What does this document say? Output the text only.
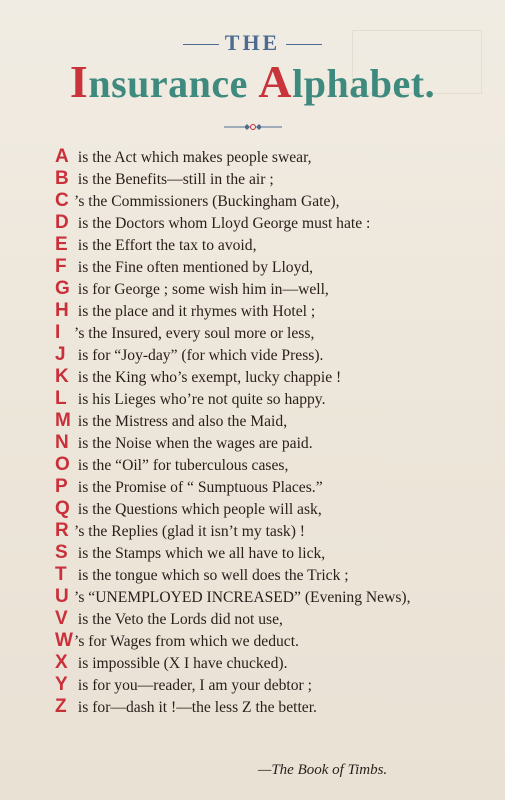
THE
Insurance Alphabet.
A is the Act which makes people swear,
B is the Benefits—still in the air ;
C ’s the Commissioners (Buckingham Gate),
D is the Doctors whom Lloyd George must hate :
E is the Effort the tax to avoid,
F is the Fine often mentioned by Lloyd,
G is for George ; some wish him in—well,
H is the place and it rhymes with Hotel ;
I ’s the Insured, every soul more or less,
J is for “Joy-day” (for which vide Press).
K is the King who’s exempt, lucky chappie !
L is his Lieges who’re not quite so happy.
M is the Mistress and also the Maid,
N is the Noise when the wages are paid.
O is the “Oil” for tuberculous cases,
P is the Promise of “ Sumptuous Places.”
Q is the Questions which people will ask,
R ’s the Replies (glad it isn’t my task) !
S is the Stamps which we all have to lick,
T is the tongue which so well does the Trick ;
U ’s “UNEMPLOYED INCREASED” (Evening News),
V is the Veto the Lords did not use,
W’s for Wages from which we deduct.
X is impossible (X I have chucked).
Y is for you—reader, I am your debtor ;
Z is for—dash it !—the less Z the better.
—The Book of Timbs.
